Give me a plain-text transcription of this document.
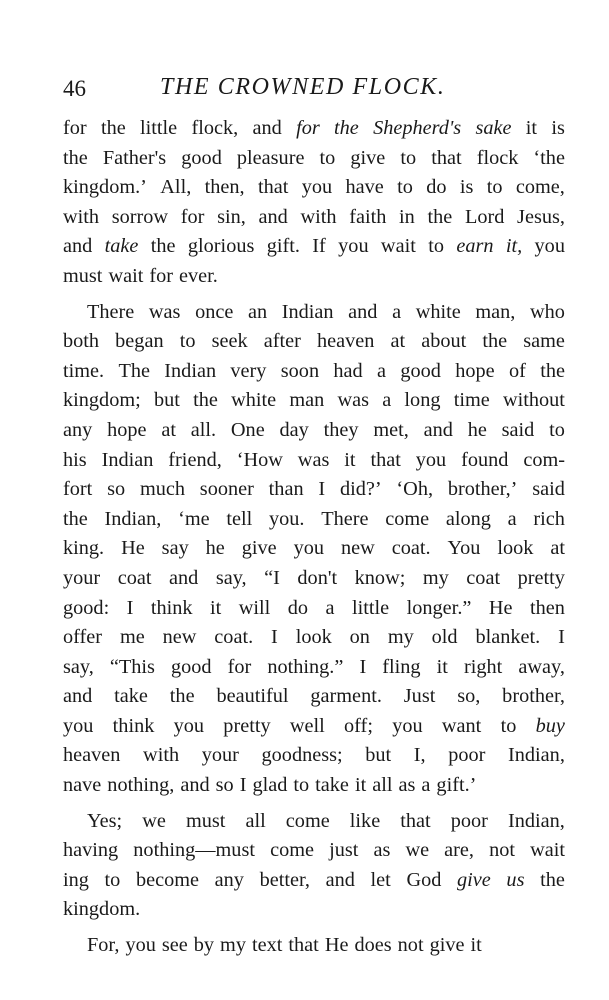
46	THE CROWNED FLOCK.
for the little flock, and for the Shepherd's sake it is
the Father's good pleasure to give to that flock ‘the
kingdom.’ All, then, that you have to do is to come,
with sorrow for sin, and with faith in the Lord Jesus,
and take the glorious gift. If you wait to earn it, you
must wait for ever.
There was once an Indian and a white man, who
both began to seek after heaven at about the same
time. The Indian very soon had a good hope of the
kingdom; but the white man was a long time without
any hope at all. One day they met, and he said to
his Indian friend, ‘How was it that you found com-
fort so much sooner than I did?’ ‘Oh, brother,’ said
the Indian, ‘me tell you. There come along a rich
king. He say he give you new coat. You look at
your coat and say, “I don't know; my coat pretty
good: I think it will do a little longer.” He then
offer me new coat. I look on my old blanket. I
say, “This good for nothing.” I fling it right away,
and take the beautiful garment. Just so, brother,
you think you pretty well off; you want to buy
heaven with your goodness; but I, poor Indian,
nave nothing, and so I glad to take it all as a gift.’
Yes; we must all come like that poor Indian,
having nothing—must come just as we are, not wait
ing to become any better, and let God give us the
kingdom.
For, you see by my text that He does not give it
